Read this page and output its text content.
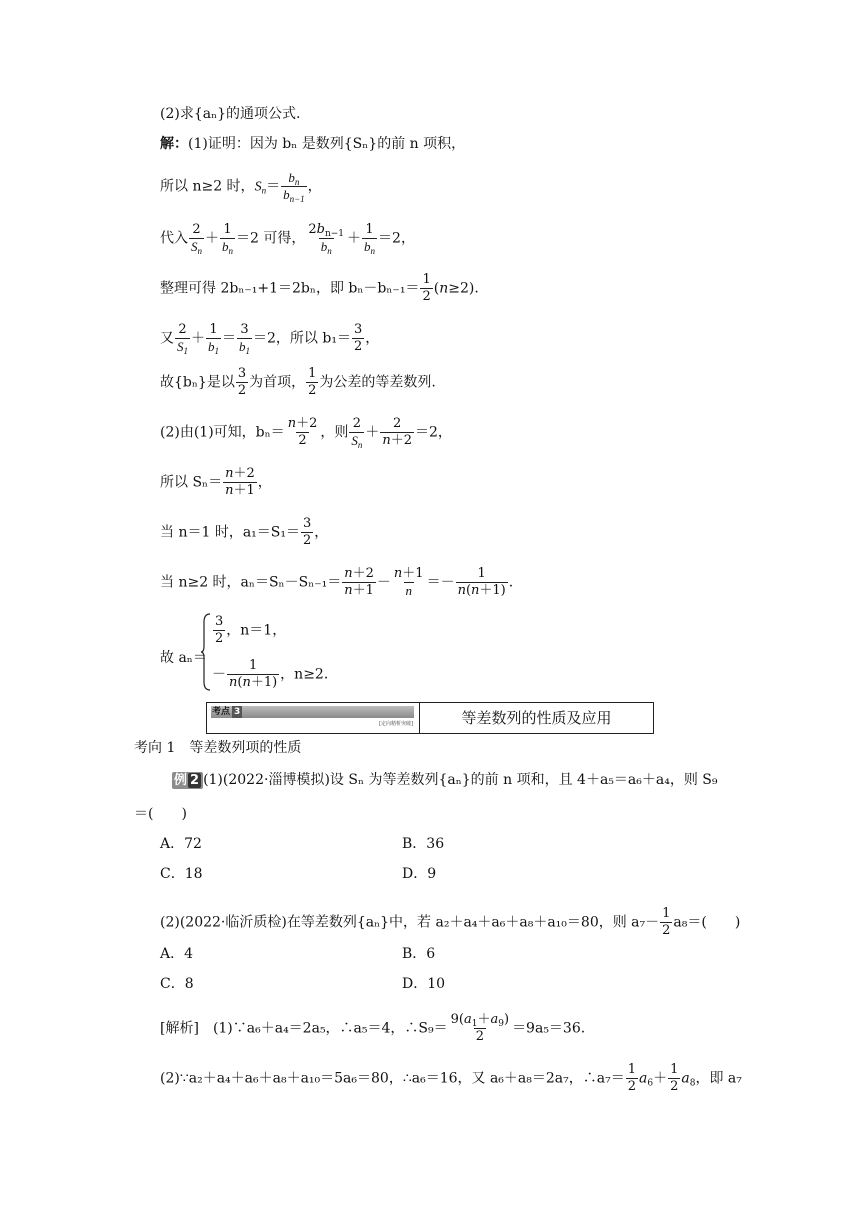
(2)求{aₙ}的通项公式.
解：(1)证明：因为 bₙ 是数列{Sₙ}的前 n 项积，
所以 n≥2 时，$S_n= \frac{b_n}{b_{n-1}}$ ，
代入 $\frac{2}{S_n} + \frac{1}{b_n} =2$ 可得， $\frac{2b_{n-1}}{b_n} + \frac{1}{b_n} =2$，
整理可得 2bₙ₋₁+1＝2bₙ，即 $b_n-b_{n-1}= \frac{1}{2} (n\ge 2)$.
又 $\frac{2}{S_1} + \frac{1}{b_1} = \frac{3}{b_1} =2$，所以 $b_1= \frac{3}{2}$ ，
故{bₙ}是以 $\frac{3}{2}$ 为首项， $\frac{1}{2}$ 为公差的等差数列.
(2)由(1)可知，$b_n= \frac{n+2}{2}$ ，则 $\frac{2}{S_n} + \frac{2}{n+2} =2$，
所以 $S_n= \frac{n+2}{n+1}$ ，
当 n＝1 时，$a_1=S_1= \frac{3}{2}$ ，
当 n≥2 时，$a_n=S_n-S_{n-1}= \frac{n+2}{n+1} - \frac{n+1}{n} =- \frac{1}{n(n+1)}$ .
故 aₙ＝
$\frac{3}{2}$ ，n＝1，
－ $\frac{1}{n(n+1)}$ ，n≥2.
考点 3
[定向精析突破]	等差数列的性质及应用
考向 1　等差数列项的性质
例 2 (1)(2022·淄博模拟)设 Sₙ 为等差数列{aₙ}的前 n 项和，且 4＋a₅＝a₆＋a₄，则 S₉
＝(　　)
A．72	B．36
C．18	D．9
(2)(2022·临沂质检)在等差数列{aₙ}中，若 a₂＋a₄＋a₆＋a₈＋a₁₀＝80，则 $a_7- \frac{1}{2} a_8=$(　　)
A．4	B．6
C．8	D．10
[解析]　 (1)∵a₆＋a₄＝2a₅，∴a₅＝4，∴S₉＝ $\frac{9(a_1+a_9)}{2} =9a_5=36$.
(2)∵a₂＋a₄＋a₆＋a₈＋a₁₀＝5a₆＝80，∴a₆＝16，又 a₆＋a₈＝2a₇，∴a₇＝ $\frac{1}{2} a_6+ \frac{1}{2} a_8$，即 a₇
